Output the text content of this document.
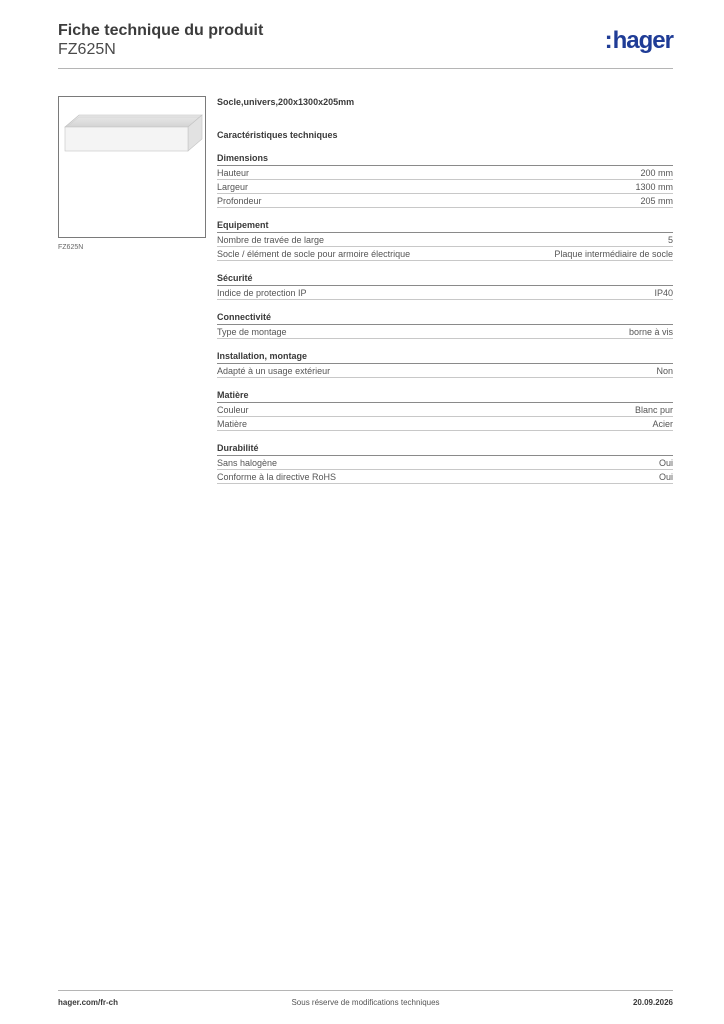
Fiche technique du produit
FZ625N	:hager
FZ625N
Socle,univers,200x1300x205mm
Caractéristiques techniques
Dimensions
Hauteur	200 mm
Largeur	1300 mm
Profondeur	205 mm
Equipement
Nombre de travée de large	5
Socle / élément de socle pour armoire électrique	Plaque intermédiaire de socle
Sécurité
Indice de protection IP	IP40
Connectivité
Type de montage	borne à vis
Installation, montage
Adapté à un usage extérieur	Non
Matière
Couleur	Blanc pur
Matière	Acier
Durabilité
Sans halogène	Oui
Conforme à la directive RoHS	Oui
hager.com/fr-ch	Sous réserve de modifications techniques	20.09.2026
